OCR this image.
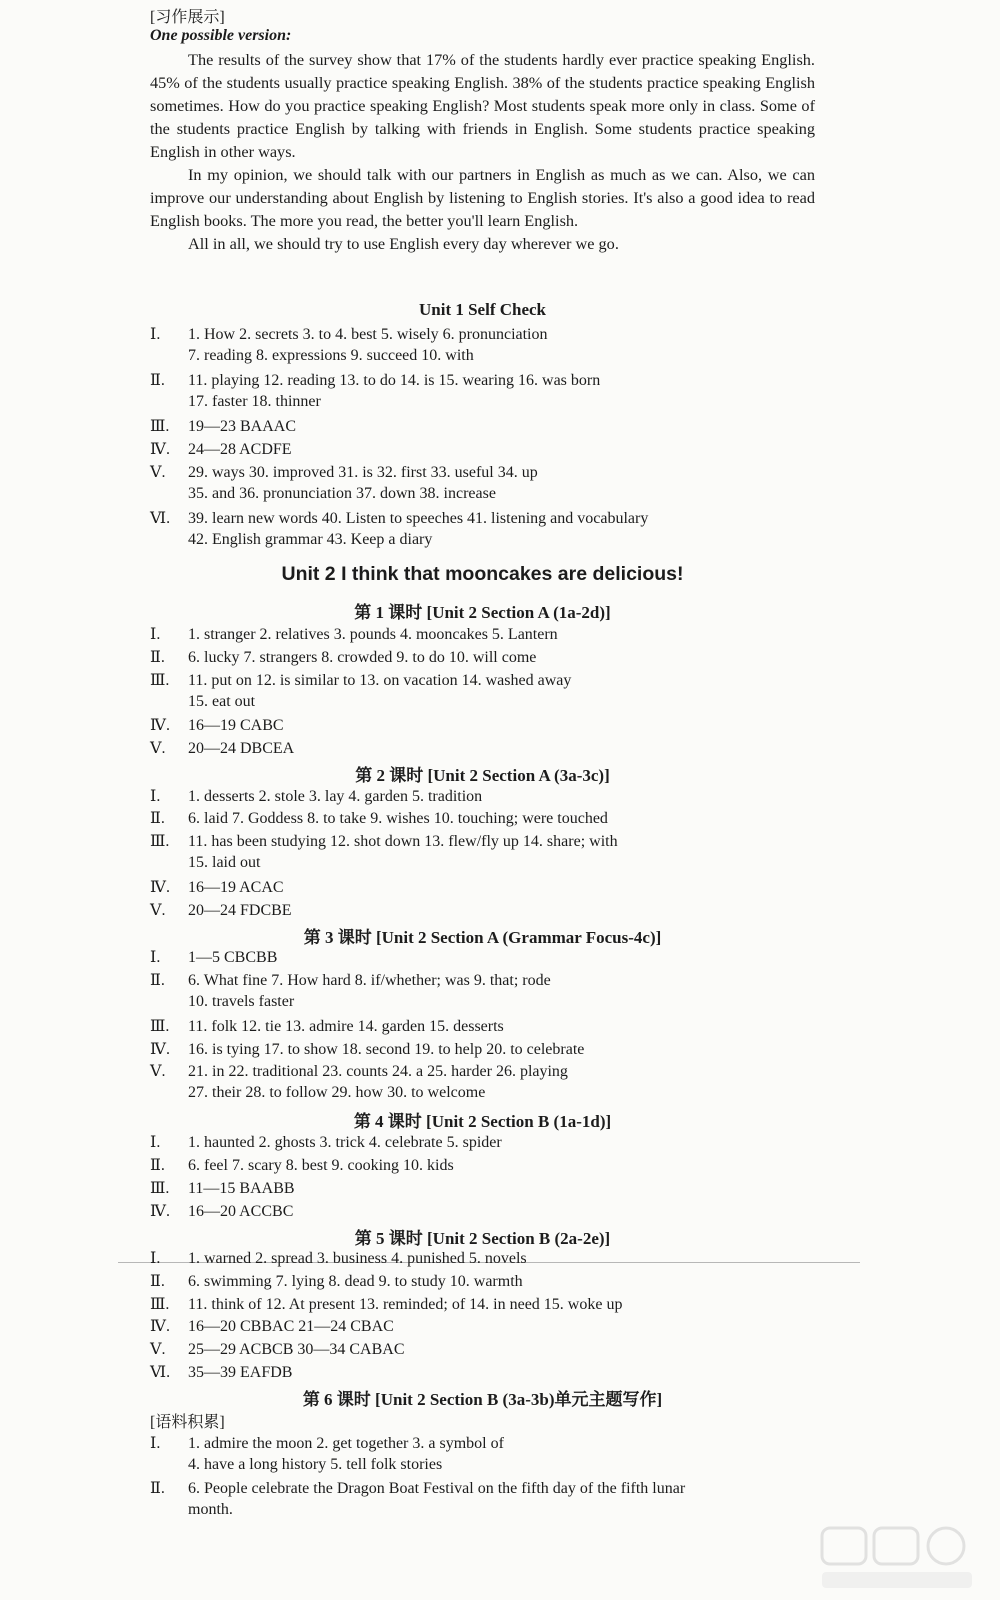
[习作展示]
One possible version:

The results of the survey show that 17% of the students hardly ever practice speaking English. 45% of the students usually practice speaking English. 38% of the students practice speaking English sometimes. How do you practice speaking English? Most students speak more only in class. Some of the students practice English by talking with friends in English. Some students practice speaking English in other ways.

In my opinion, we should talk with our partners in English as much as we can. Also, we can improve our understanding about English by listening to English stories. It's also a good idea to read English books. The more you read, the better you'll learn English.

All in all, we should try to use English every day wherever we go.

Unit 1 Self Check
Ⅰ. 1. How 2. secrets 3. to 4. best 5. wisely 6. pronunciation
7. reading 8. expressions 9. succeed 10. with
Ⅱ. 11. playing 12. reading 13. to do 14. is 15. wearing 16. was born
17. faster 18. thinner
Ⅲ. 19—23 BAAAC
Ⅳ. 24—28 ACDFE
Ⅴ. 29. ways 30. improved 31. is 32. first 33. useful 34. up
35. and 36. pronunciation 37. down 38. increase
Ⅵ. 39. learn new words 40. Listen to speeches 41. listening and vocabulary
42. English grammar 43. Keep a diary
Unit 2 I think that mooncakes are delicious!
第 1 课时 [Unit 2 Section A (1a-2d)]
Ⅰ. 1. stranger 2. relatives 3. pounds 4. mooncakes 5. Lantern
Ⅱ. 6. lucky 7. strangers 8. crowded 9. to do 10. will come
Ⅲ. 11. put on 12. is similar to 13. on vacation 14. washed away
15. eat out
Ⅳ. 16—19 CABC
Ⅴ. 20—24 DBCEA
第 2 课时 [Unit 2 Section A (3a-3c)]
Ⅰ. 1. desserts 2. stole 3. lay 4. garden 5. tradition
Ⅱ. 6. laid 7. Goddess 8. to take 9. wishes 10. touching; were touched
Ⅲ. 11. has been studying 12. shot down 13. flew/fly up 14. share; with
15. laid out
Ⅳ. 16—19 ACAC
Ⅴ. 20—24 FDCBE
第 3 课时 [Unit 2 Section A (Grammar Focus-4c)]
Ⅰ. 1—5 CBCBB
Ⅱ. 6. What fine 7. How hard 8. if/whether; was 9. that; rode
10. travels faster
Ⅲ. 11. folk 12. tie 13. admire 14. garden 15. desserts
Ⅳ. 16. is tying 17. to show 18. second 19. to help 20. to celebrate
Ⅴ. 21. in 22. traditional 23. counts 24. a 25. harder 26. playing
27. their 28. to follow 29. how 30. to welcome
第 4 课时 [Unit 2 Section B (1a-1d)]
Ⅰ. 1. haunted 2. ghosts 3. trick 4. celebrate 5. spider
Ⅱ. 6. feel 7. scary 8. best 9. cooking 10. kids
Ⅲ. 11—15 BAABB
Ⅳ. 16—20 ACCBC
第 5 课时 [Unit 2 Section B (2a-2e)]
Ⅰ. 1. warned 2. spread 3. business 4. punished 5. novels
Ⅱ. 6. swimming 7. lying 8. dead 9. to study 10. warmth
Ⅲ. 11. think of 12. At present 13. reminded; of 14. in need 15. woke up
Ⅳ. 16—20 CBBAC 21—24 CBAC
Ⅴ. 25—29 ACBCB 30—34 CABAC
Ⅵ. 35—39 EAFDB
第 6 课时 [Unit 2 Section B (3a-3b)单元主题写作]
[语料积累]
Ⅰ. 1. admire the moon 2. get together 3. a symbol of
4. have a long history 5. tell folk stories
Ⅱ. 6. People celebrate the Dragon Boat Festival on the fifth day of the fifth lunar
month.
